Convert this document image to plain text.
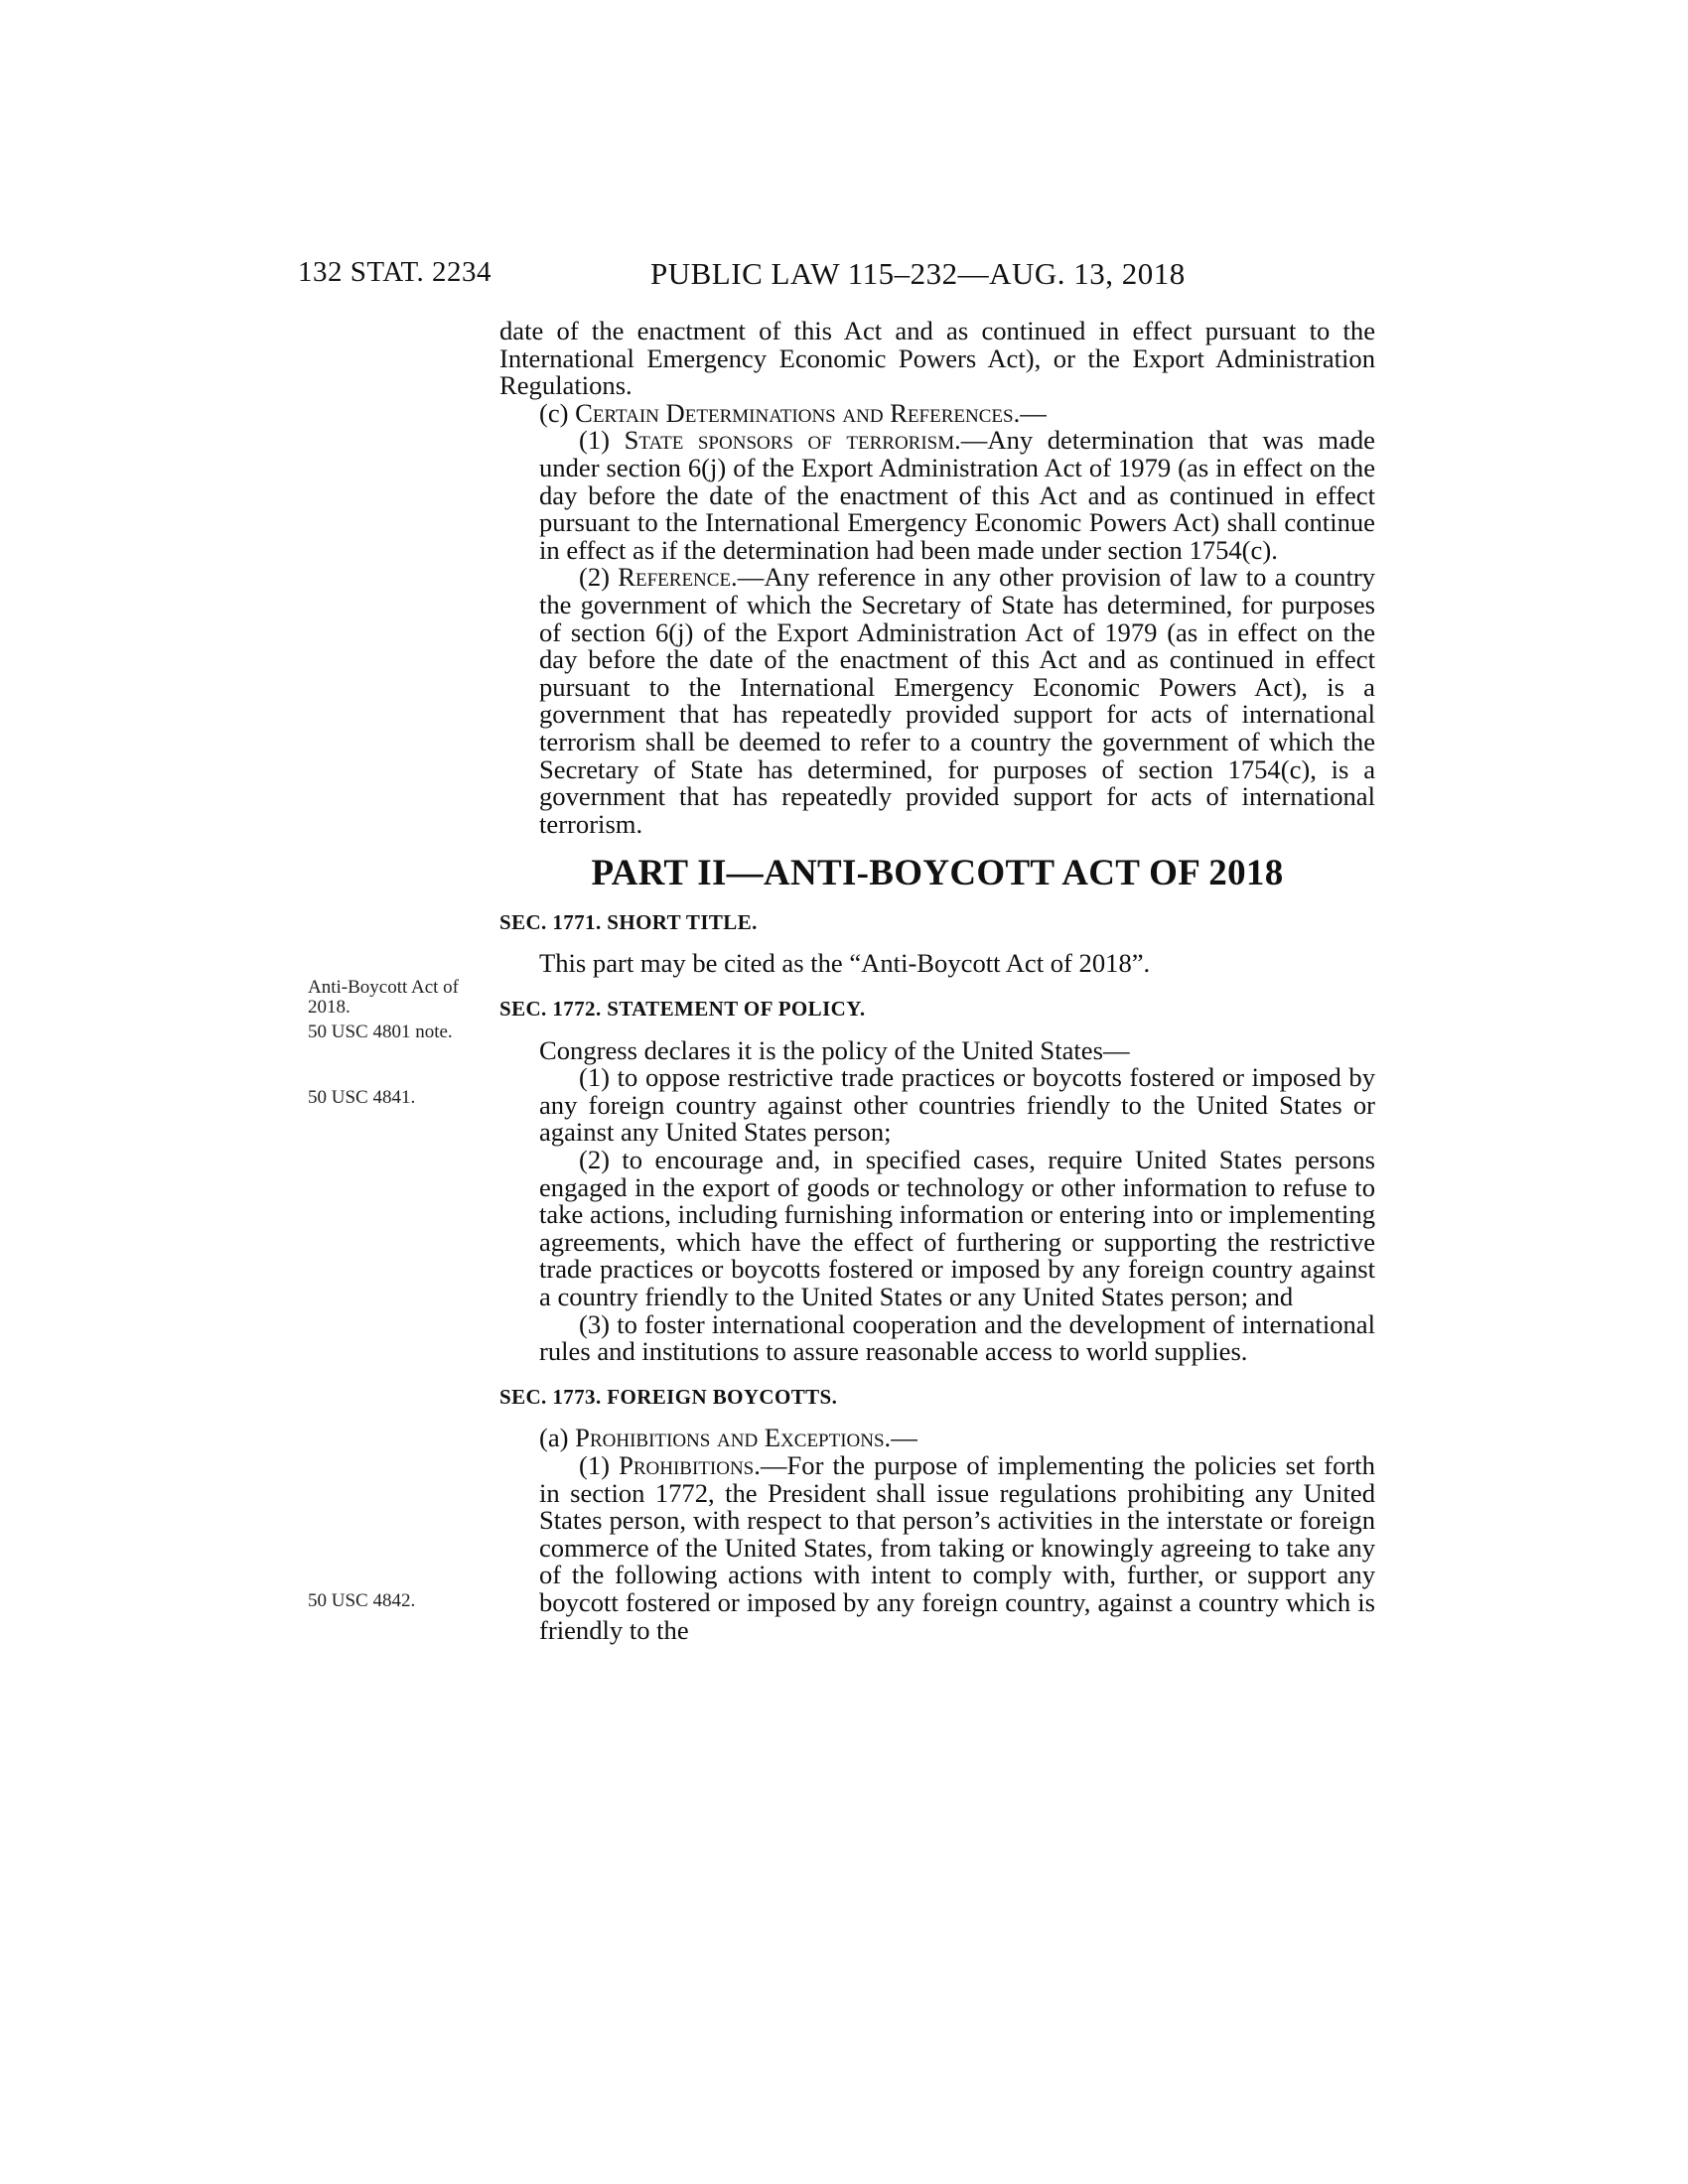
132 STAT. 2234	PUBLIC LAW 115–232—AUG. 13, 2018
Anti-Boycott Act of 2018.
50 USC 4801 note.
50 USC 4841.
50 USC 4842.

date of the enactment of this Act and as continued in effect pursuant to the International Emergency Economic Powers Act), or the Export Administration Regulations.

(c) Certain Determinations and References.—

(1) State sponsors of terrorism.—Any determination that was made under section 6(j) of the Export Administration Act of 1979 (as in effect on the day before the date of the enactment of this Act and as continued in effect pursuant to the International Emergency Economic Powers Act) shall continue in effect as if the determination had been made under section 1754(c).

(2) Reference.—Any reference in any other provision of law to a country the government of which the Secretary of State has determined, for purposes of section 6(j) of the Export Administration Act of 1979 (as in effect on the day before the date of the enactment of this Act and as continued in effect pursuant to the International Emergency Economic Powers Act), is a government that has repeatedly provided support for acts of international terrorism shall be deemed to refer to a country the government of which the Secretary of State has determined, for purposes of section 1754(c), is a government that has repeatedly provided support for acts of international terrorism.

PART II—ANTI-BOYCOTT ACT OF 2018
SEC. 1771. SHORT TITLE.

This part may be cited as the “Anti-Boycott Act of 2018”.

SEC. 1772. STATEMENT OF POLICY.

Congress declares it is the policy of the United States—

(1) to oppose restrictive trade practices or boycotts fostered or imposed by any foreign country against other countries friendly to the United States or against any United States person;

(2) to encourage and, in specified cases, require United States persons engaged in the export of goods or technology or other information to refuse to take actions, including furnishing information or entering into or implementing agreements, which have the effect of furthering or supporting the restrictive trade practices or boycotts fostered or imposed by any foreign country against a country friendly to the United States or any United States person; and

(3) to foster international cooperation and the development of international rules and institutions to assure reasonable access to world supplies.

SEC. 1773. FOREIGN BOYCOTTS.

(a) Prohibitions and Exceptions.—

(1) Prohibitions.—For the purpose of implementing the policies set forth in section 1772, the President shall issue regulations prohibiting any United States person, with respect to that person’s activities in the interstate or foreign commerce of the United States, from taking or knowingly agreeing to take any of the following actions with intent to comply with, further, or support any boycott fostered or imposed by any foreign country, against a country which is friendly to the
